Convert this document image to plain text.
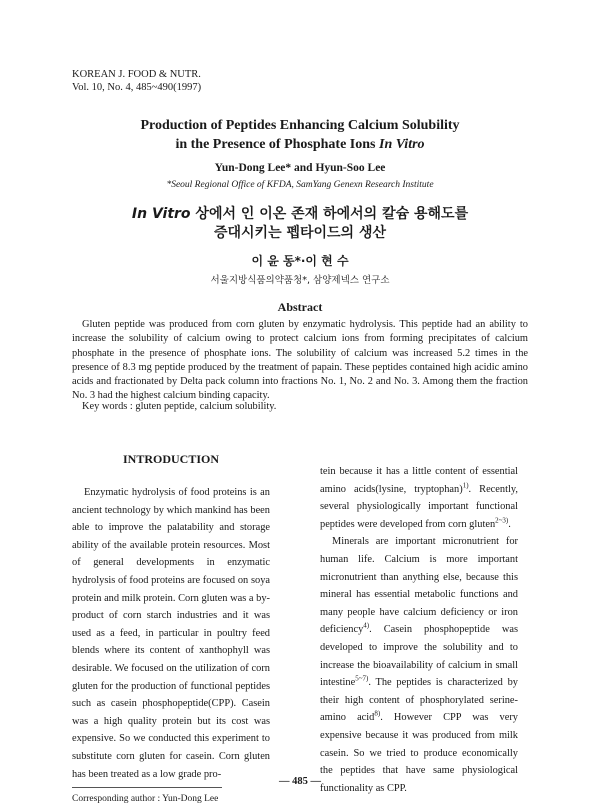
KOREAN J. FOOD & NUTR.
Vol. 10, No. 4, 485~490(1997)
Production of Peptides Enhancing Calcium Solubility
in the Presence of Phosphate Ions In Vitro
Yun-Dong Lee* and Hyun-Soo Lee
*Seoul Regional Office of KFDA, SamYang Genexn Research Institute
In Vitro 상에서 인 이온 존재 하에서의 칼슘 용해도를
증대시키는 펩타이드의 생산
이 윤 동*·이 현 수
서울지방식품의약품청*, 삼양제넥스 연구소
Abstract
Gluten peptide was produced from corn gluten by enzymatic hydrolysis. This peptide had an ability to increase the solubility of calcium owing to protect calcium ions from forming precipitates of calcium phosphate in the presence of phosphate ions. The solubility of calcium was increased 5.2 times in the presence of 8.3 mg peptide produced by the treatment of papain. These peptides contained high acidic amino acids and fractionated by Delta pack column into fractions No. 1, No. 2 and No. 3. Among them the fraction No. 3 had the highest calcium binding capacity.
Key words : gluten peptide, calcium solubility.
INTRODUCTION

Enzymatic hydrolysis of food proteins is an ancient technology by which mankind has been able to improve the palatability and storage ability of the available protein resources. Most of general developments in enzymatic hydrolysis of food proteins are focused on soya protein and milk protein. Corn gluten was a by-product of corn starch industries and it was used as a feed, in particular in poultry feed blends where its content of xanthophyll was desirable. We focused on the utilization of corn gluten for the production of functional peptides such as casein phosphopeptide(CPP). Casein was a high quality protein but its cost was expensive. So we conducted this experiment to substitute corn gluten for casein. Corn gluten has been treated as a low grade pro-

tein because it has a little content of essential amino acids(lysine, tryptophan)$^{1)}$. Recently, several physiologically important functional peptides were developed from corn gluten$^{2\sim 3)}$.

Minerals are important micronutrient for human life. Calcium is more important micronutrient than anything else, because this mineral has essential metabolic functions and many people have calcium deficiency or iron deficiency$^{4)}$. Casein phosphopeptide was developed to improve the solubility and to increase the bioavailability of calcium in small intestine$^{5\sim 7)}$. The peptides is characterized by their high content of phosphorylated serine-amino acid$^{8)}$. However CPP was very expensive because it was produced from milk casein. So we tried to produce economically the peptides that have same physiological functionality as CPP.

— 485 —
Corresponding author : Yun-Dong Lee
